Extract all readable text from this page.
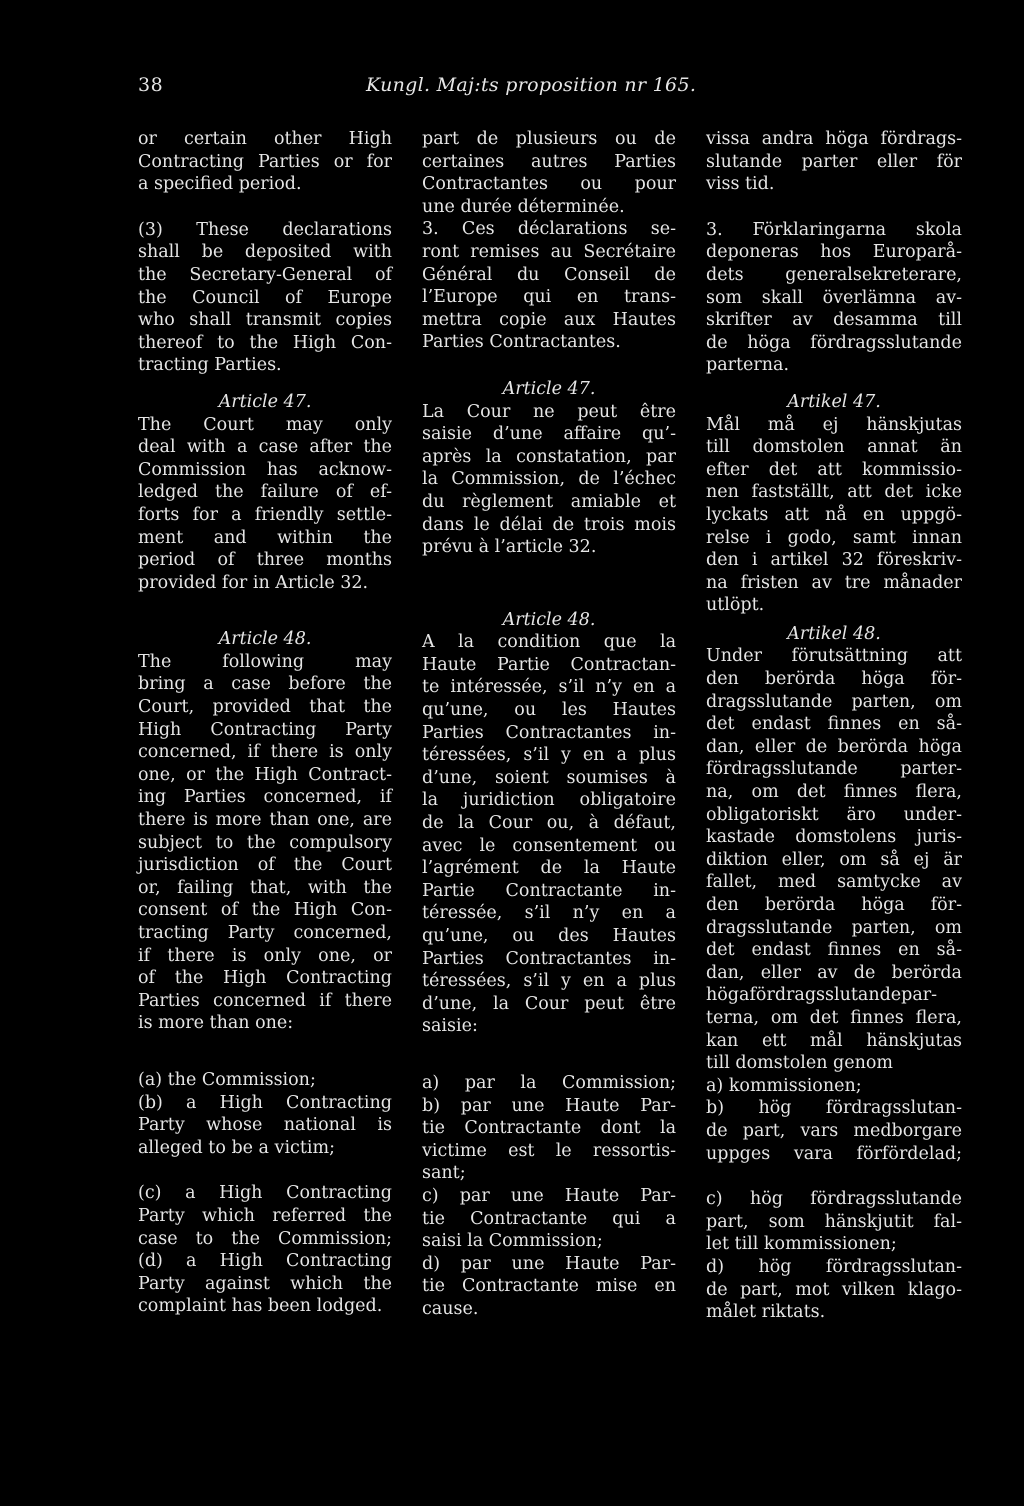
38	Kungl. Maj:ts proposition nr 165.
or certain other High
Contracting Parties or for
a specified period.
(3) These declarations
shall be deposited with
the Secretary-General of
the Council of Europe
who shall transmit copies
thereof to the High Con-
tracting Parties.
Article 47.
The Court may only
deal with a case after the
Commission has acknow-
ledged the failure of ef-
forts for a friendly settle-
ment and within the
period of three months
provided for in Article 32.
Article 48.
The following may
bring a case before the
Court, provided that the
High Contracting Party
concerned, if there is only
one, or the High Contract-
ing Parties concerned, if
there is more than one, are
subject to the compulsory
jurisdiction of the Court
or, failing that, with the
consent of the High Con-
tracting Party concerned,
if there is only one, or
of the High Contracting
Parties concerned if there
is more than one:
(a) the Commission;
(b) a High Contracting
Party whose national is
alleged to be a victim;
(c) a High Contracting
Party which referred the
case to the Commission;
(d) a High Contracting
Party against which the
complaint has been lodged.
part de plusieurs ou de
certaines autres Parties
Contractantes ou pour
une durée déterminée.
3. Ces déclarations se-
ront remises au Secrétaire
Général du Conseil de
l’Europe qui en trans-
mettra copie aux Hautes
Parties Contractantes.
Article 47.
La Cour ne peut être
saisie d’une affaire qu’-
après la constatation, par
la Commission, de l’échec
du règlement amiable et
dans le délai de trois mois
prévu à l’article 32.
Article 48.
A la condition que la
Haute Partie Contractan-
te intéressée, s’il n’y en a
qu’une, ou les Hautes
Parties Contractantes in-
téressées, s’il y en a plus
d’une, soient soumises à
la juridiction obligatoire
de la Cour ou, à défaut,
avec le consentement ou
l’agrément de la Haute
Partie Contractante in-
téressée, s’il n’y en a
qu’une, ou des Hautes
Parties Contractantes in-
téressées, s’il y en a plus
d’une, la Cour peut être
saisie:
a) par la Commission;
b) par une Haute Par-
tie Contractante dont la
victime est le ressortis-
sant;
c) par une Haute Par-
tie Contractante qui a
saisi la Commission;
d) par une Haute Par-
tie Contractante mise en
cause.
vissa andra höga fördrags-
slutande parter eller för
viss tid.
3. Förklaringarna skola
deponeras hos Europarå-
dets generalsekreterare,
som skall överlämna av-
skrifter av desamma till
de höga fördragsslutande
parterna.
Artikel 47.
Mål må ej hänskjutas
till domstolen annat än
efter det att kommissio-
nen fastställt, att det icke
lyckats att nå en uppgö-
relse i godo, samt innan
den i artikel 32 föreskriv-
na fristen av tre månader
utlöpt.
Artikel 48.
Under förutsättning att
den berörda höga för-
dragsslutande parten, om
det endast finnes en så-
dan, eller de berörda höga
fördragsslutande parter-
na, om det finnes flera,
obligatoriskt äro under-
kastade domstolens juris-
diktion eller, om så ej är
fallet, med samtycke av
den berörda höga för-
dragsslutande parten, om
det endast finnes en så-
dan, eller av de berörda
högafördragsslutandepar-
terna, om det finnes flera,
kan ett mål hänskjutas
till domstolen genom
a) kommissionen;
b) hög fördragsslutan-
de part, vars medborgare
uppges vara förfördelad;
c) hög fördragsslutande
part, som hänskjutit fal-
let till kommissionen;
d) hög fördragsslutan-
de part, mot vilken klago-
målet riktats.
